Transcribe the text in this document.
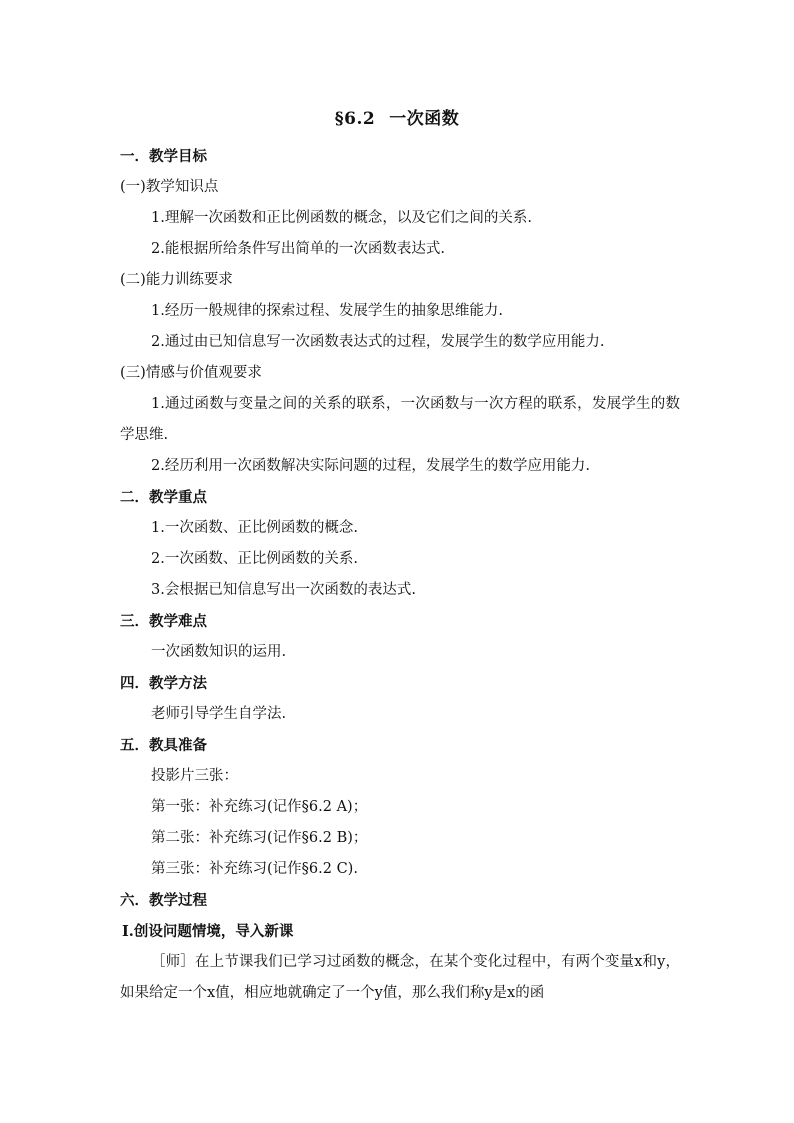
§6.2 一次函数

一．教学目标

(一)教学知识点

1.理解一次函数和正比例函数的概念，以及它们之间的关系.

2.能根据所给条件写出简单的一次函数表达式.

(二)能力训练要求

1.经历一般规律的探索过程、发展学生的抽象思维能力.

2.通过由已知信息写一次函数表达式的过程，发展学生的数学应用能力.

(三)情感与价值观要求

1.通过函数与变量之间的关系的联系，一次函数与一次方程的联系，发展学生的数学思维.

2.经历利用一次函数解决实际问题的过程，发展学生的数学应用能力.

二．教学重点

1.一次函数、正比例函数的概念.

2.一次函数、正比例函数的关系.

3.会根据已知信息写出一次函数的表达式.

三．教学难点

一次函数知识的运用.

四．教学方法

老师引导学生自学法.

五．教具准备

投影片三张：

第一张：补充练习(记作§6.2 A)；

第二张：补充练习(记作§6.2 B)；

第三张：补充练习(记作§6.2 C).

六．教学过程

Ⅰ.创设问题情境，导入新课

［师］在上节课我们已学习过函数的概念，在某个变化过程中，有两个变量x和y，如果给定一个x值，相应地就确定了一个y值，那么我们称y是x的函
